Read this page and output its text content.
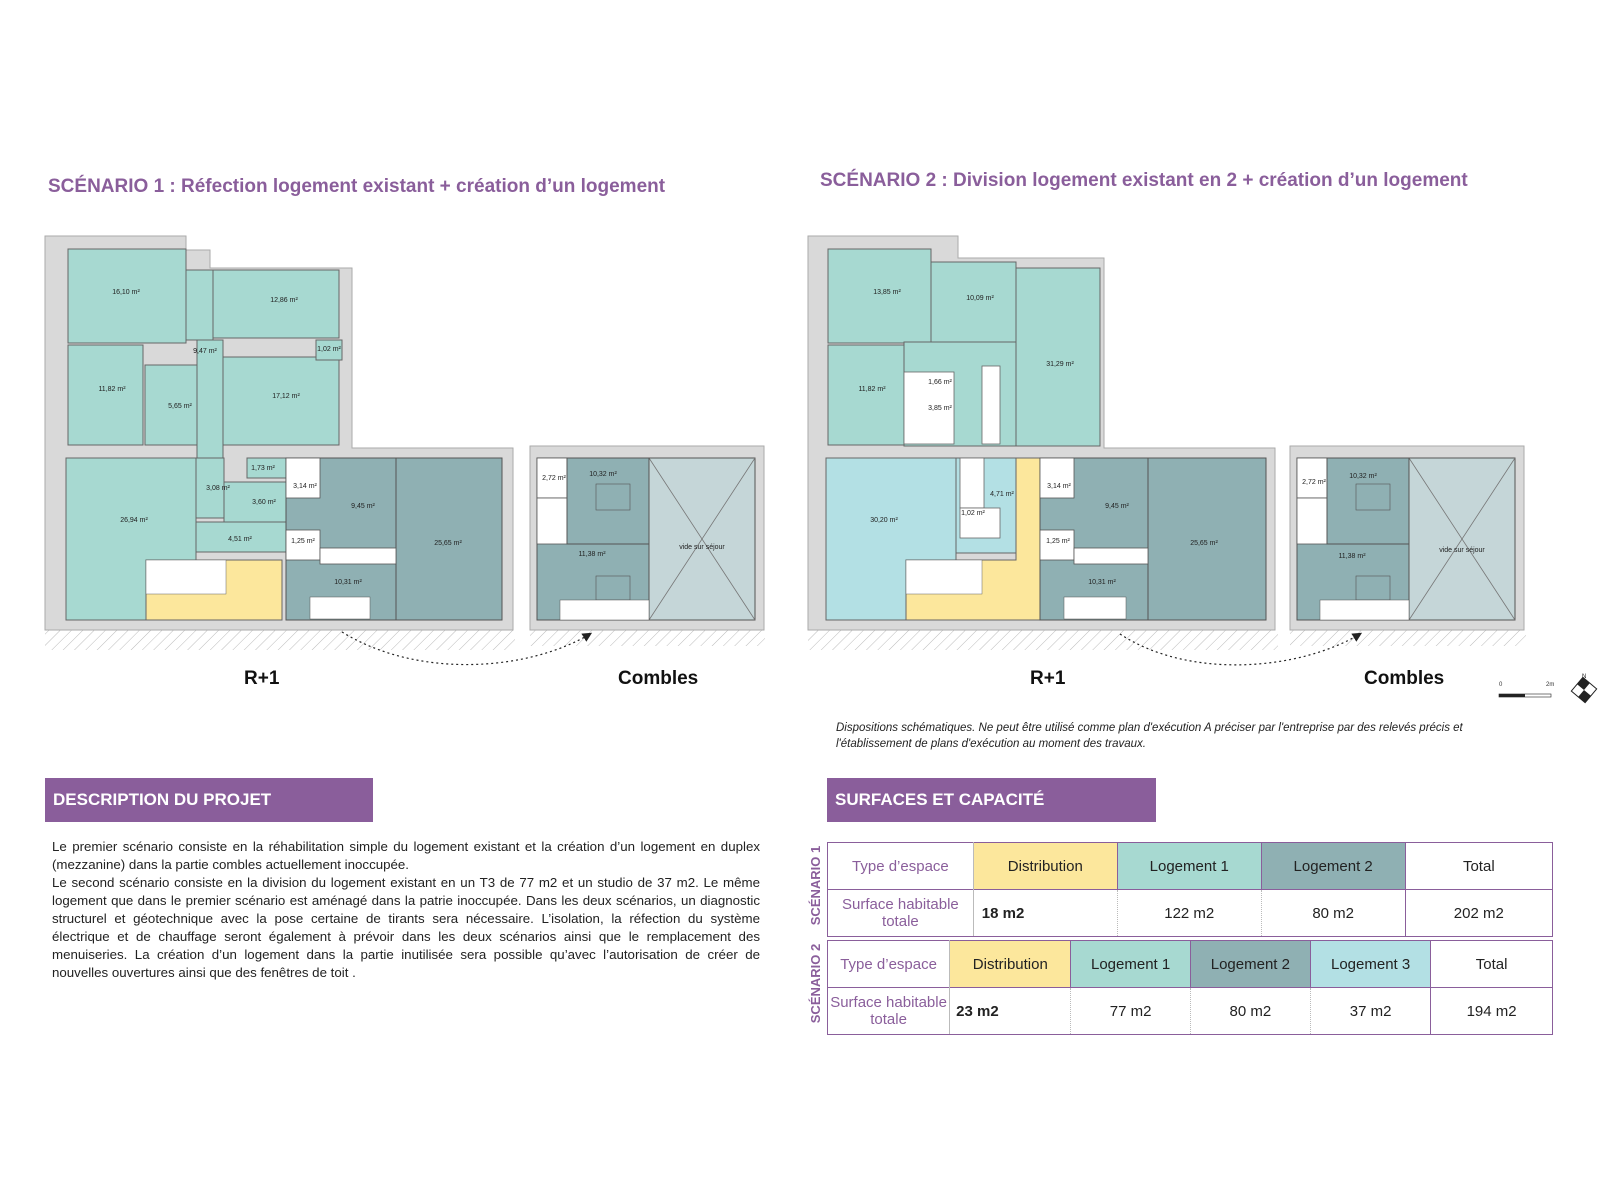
SCÉNARIO 1 : Réfection logement existant + création d’un logement	SCÉNARIO 2 : Division logement existant en 2 + création d’un logement
16,10 m²
12,86 m²
9,47 m²	1,02 m²
11,82 m²
5,65 m²
17,12 m²
1,73 m²
3,08 m²
3,60 m²
26,94 m²
4,51 m²
3,14 m²
9,45 m²
1,25 m²	25,65 m²
10,31 m²
2,72 m²
10,32 m²
11,38 m²
vide sur séjour
13,85 m²
10,09 m²
31,29 m²
1,66 m²
11,82 m²
3,85 m²
30,20 m²
4,71 m²
1,02 m²
3,14 m²
9,45 m²
1,25 m²	25,65 m²
10,31 m²
2,72 m²
10,32 m²
11,38 m²
vide sur séjour
0	2m
N
R+1	Combles	R+1	Combles
Dispositions schématiques. Ne peut être utilisé comme plan d'exécution A préciser par l'entreprise par des relevés précis et l'établissement de plans d'exécution au moment des travaux.
DESCRIPTION DU PROJET

Le premier scénario consiste en la réhabilitation simple du logement existant et la création d’un logement en duplex (mezzanine) dans la partie combles actuellement inoccupée.

Le second scénario consiste en la division du logement existant en un T3 de 77 m2 et un studio de 37 m2. Le même logement que dans le premier scénario est aménagé dans la patrie inoccupée. Dans les deux scénarios, un diagnostic structurel et géotechnique avec la pose certaine de tirants sera nécessaire. L’isolation, la réfection du système électrique et de chauffage seront également à prévoir dans les deux scénarios ainsi que le remplacement des menuiseries. La création d’un logement dans la partie inutilisée sera possible qu’avec l’autorisation de créer de nouvelles ouvertures ainsi que des fenêtres de toit .

SURFACES ET CAPACITÉ
SCÉNARIO 1
SCÉNARIO 2
Type d’espace	Distribution	Logement 1	Logement 2	Total
Surface habitable totale	18 m2	122 m2	80 m2	202 m2
Type d’espace	Distribution	Logement 1	Logement 2	Logement 3	Total
Surface habitable totale	23 m2	77 m2	80 m2	37 m2	194 m2
